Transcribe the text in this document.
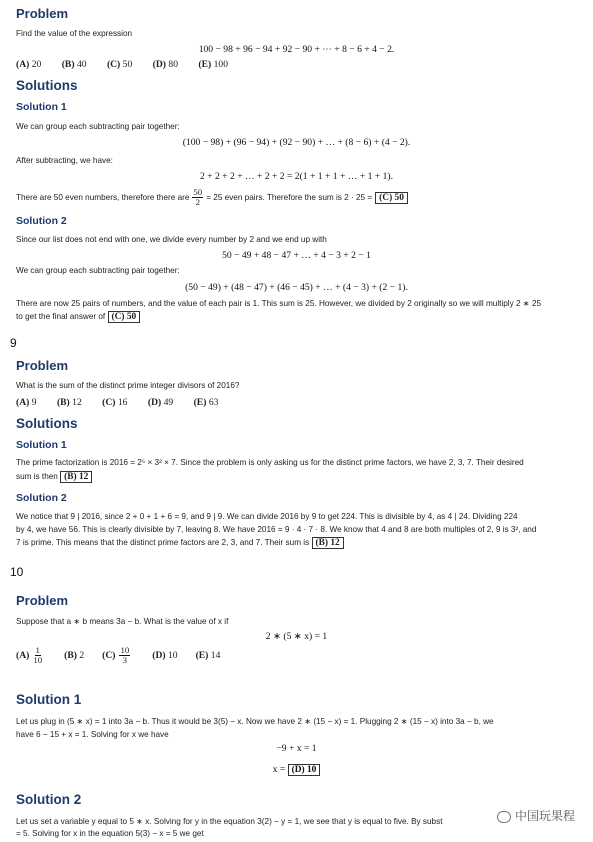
Problem
Find the value of the expression
100 − 98 + 96 − 94 + 92 − 90 + ⋯ + 8 − 6 + 4 − 2.
(A) 20 (B) 40 (C) 50 (D) 80 (E) 100
Solutions
Solution 1
We can group each subtracting pair together:
(100 − 98) + (96 − 94) + (92 − 90) + … + (8 − 6) + (4 − 2).
After subtracting, we have:
2 + 2 + 2 + … + 2 + 2 = 2(1 + 1 + 1 + … + 1 + 1).
There are 50 even numbers, therefore there are $\frac{50}{2} = 25$ even pairs. Therefore the sum is 2 · 25 = (C) 50
Solution 2
Since our list does not end with one, we divide every number by 2 and we end up with
50 − 49 + 48 − 47 + … + 4 − 3 + 2 − 1
We can group each subtracting pair together:
(50 − 49) + (48 − 47) + (46 − 45) + … + (4 − 3) + (2 − 1).
There are now 25 pairs of numbers, and the value of each pair is 1. This sum is 25. However, we divided by 2 originally so we will multiply 2 ∗ 25
to get the final answer of (C) 50
9
Problem
What is the sum of the distinct prime integer divisors of 2016?
(A) 9 (B) 12 (C) 16 (D) 49 (E) 63
Solutions
Solution 1
The prime factorization is 2016 = 2⁵ × 3² × 7. Since the problem is only asking us for the distinct prime factors, we have 2, 3, 7. Their desired
sum is then (B) 12
Solution 2
We notice that 9 | 2016, since 2 + 0 + 1 + 6 = 9, and 9 | 9. We can divide 2016 by 9 to get 224. This is divisible by 4, as 4 | 24. Dividing 224
by 4, we have 56. This is clearly divisible by 7, leaving 8. We have 2016 = 9 · 4 · 7 · 8. We know that 4 and 8 are both multiples of 2, 9 is 3², and
7 is prime. This means that the distinct prime factors are 2, 3, and 7. Their sum is (B) 12
10
Problem
Suppose that a ∗ b means 3a − b. What is the value of x if
2 ∗ (5 ∗ x) = 1
$(A) \frac{1}{10} (B)$ 2 $(C) \frac{10}{3} (D)$ 10 (E) 14
Solution 1
Let us plug in (5 ∗ x) = 1 into 3a − b. Thus it would be 3(5) − x. Now we have 2 ∗ (15 − x) = 1. Plugging 2 ∗ (15 − x) into 3a − b, we
have 6 − 15 + x = 1. Solving for x we have
−9 + x = 1
x = (D) 10
Solution 2
Let us set a variable y equal to 5 ∗ x. Solving for y in the equation 3(2) − y = 1, we see that y is equal to five. By subst
= 5. Solving for x in the equation 5(3) − x = 5 we get
中国玩果程
